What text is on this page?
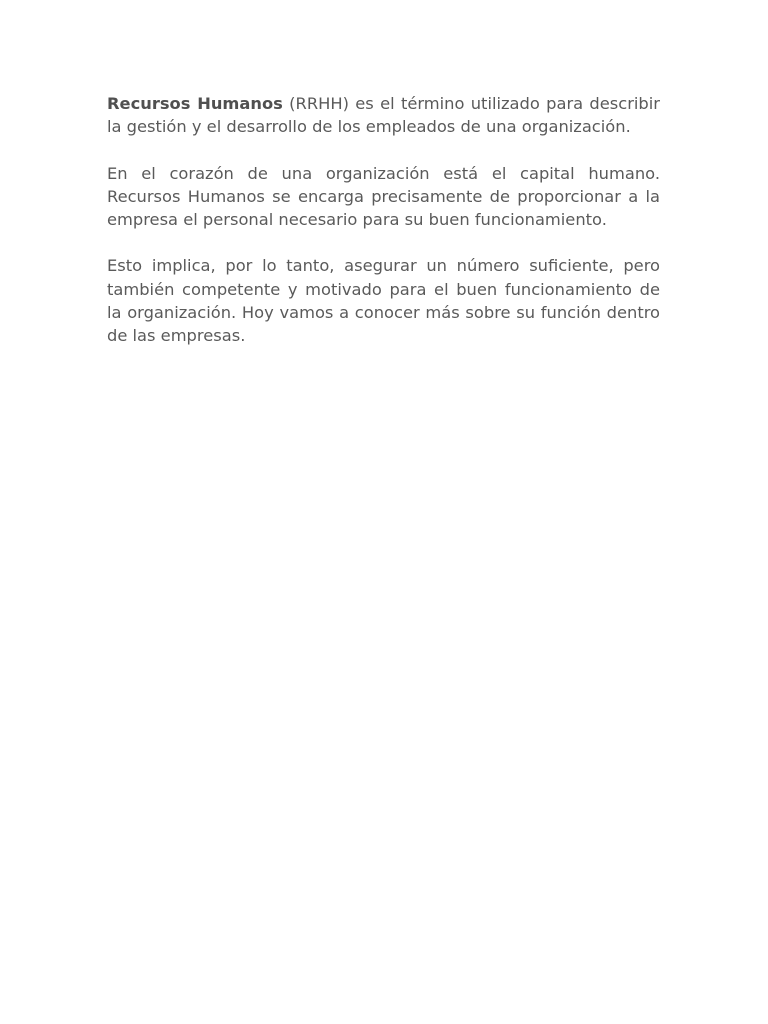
Recursos Humanos (RRHH) es el término utilizado para describir la gestión y el desarrollo de los empleados de una organización.

En el corazón de una organización está el capital humano. Recursos Humanos se encarga precisamente de proporcionar a la empresa el personal necesario para su buen funcionamiento.

Esto implica, por lo tanto, asegurar un número suficiente, pero también competente y motivado para el buen funcionamiento de la organización. Hoy vamos a conocer más sobre su función dentro de las empresas.
